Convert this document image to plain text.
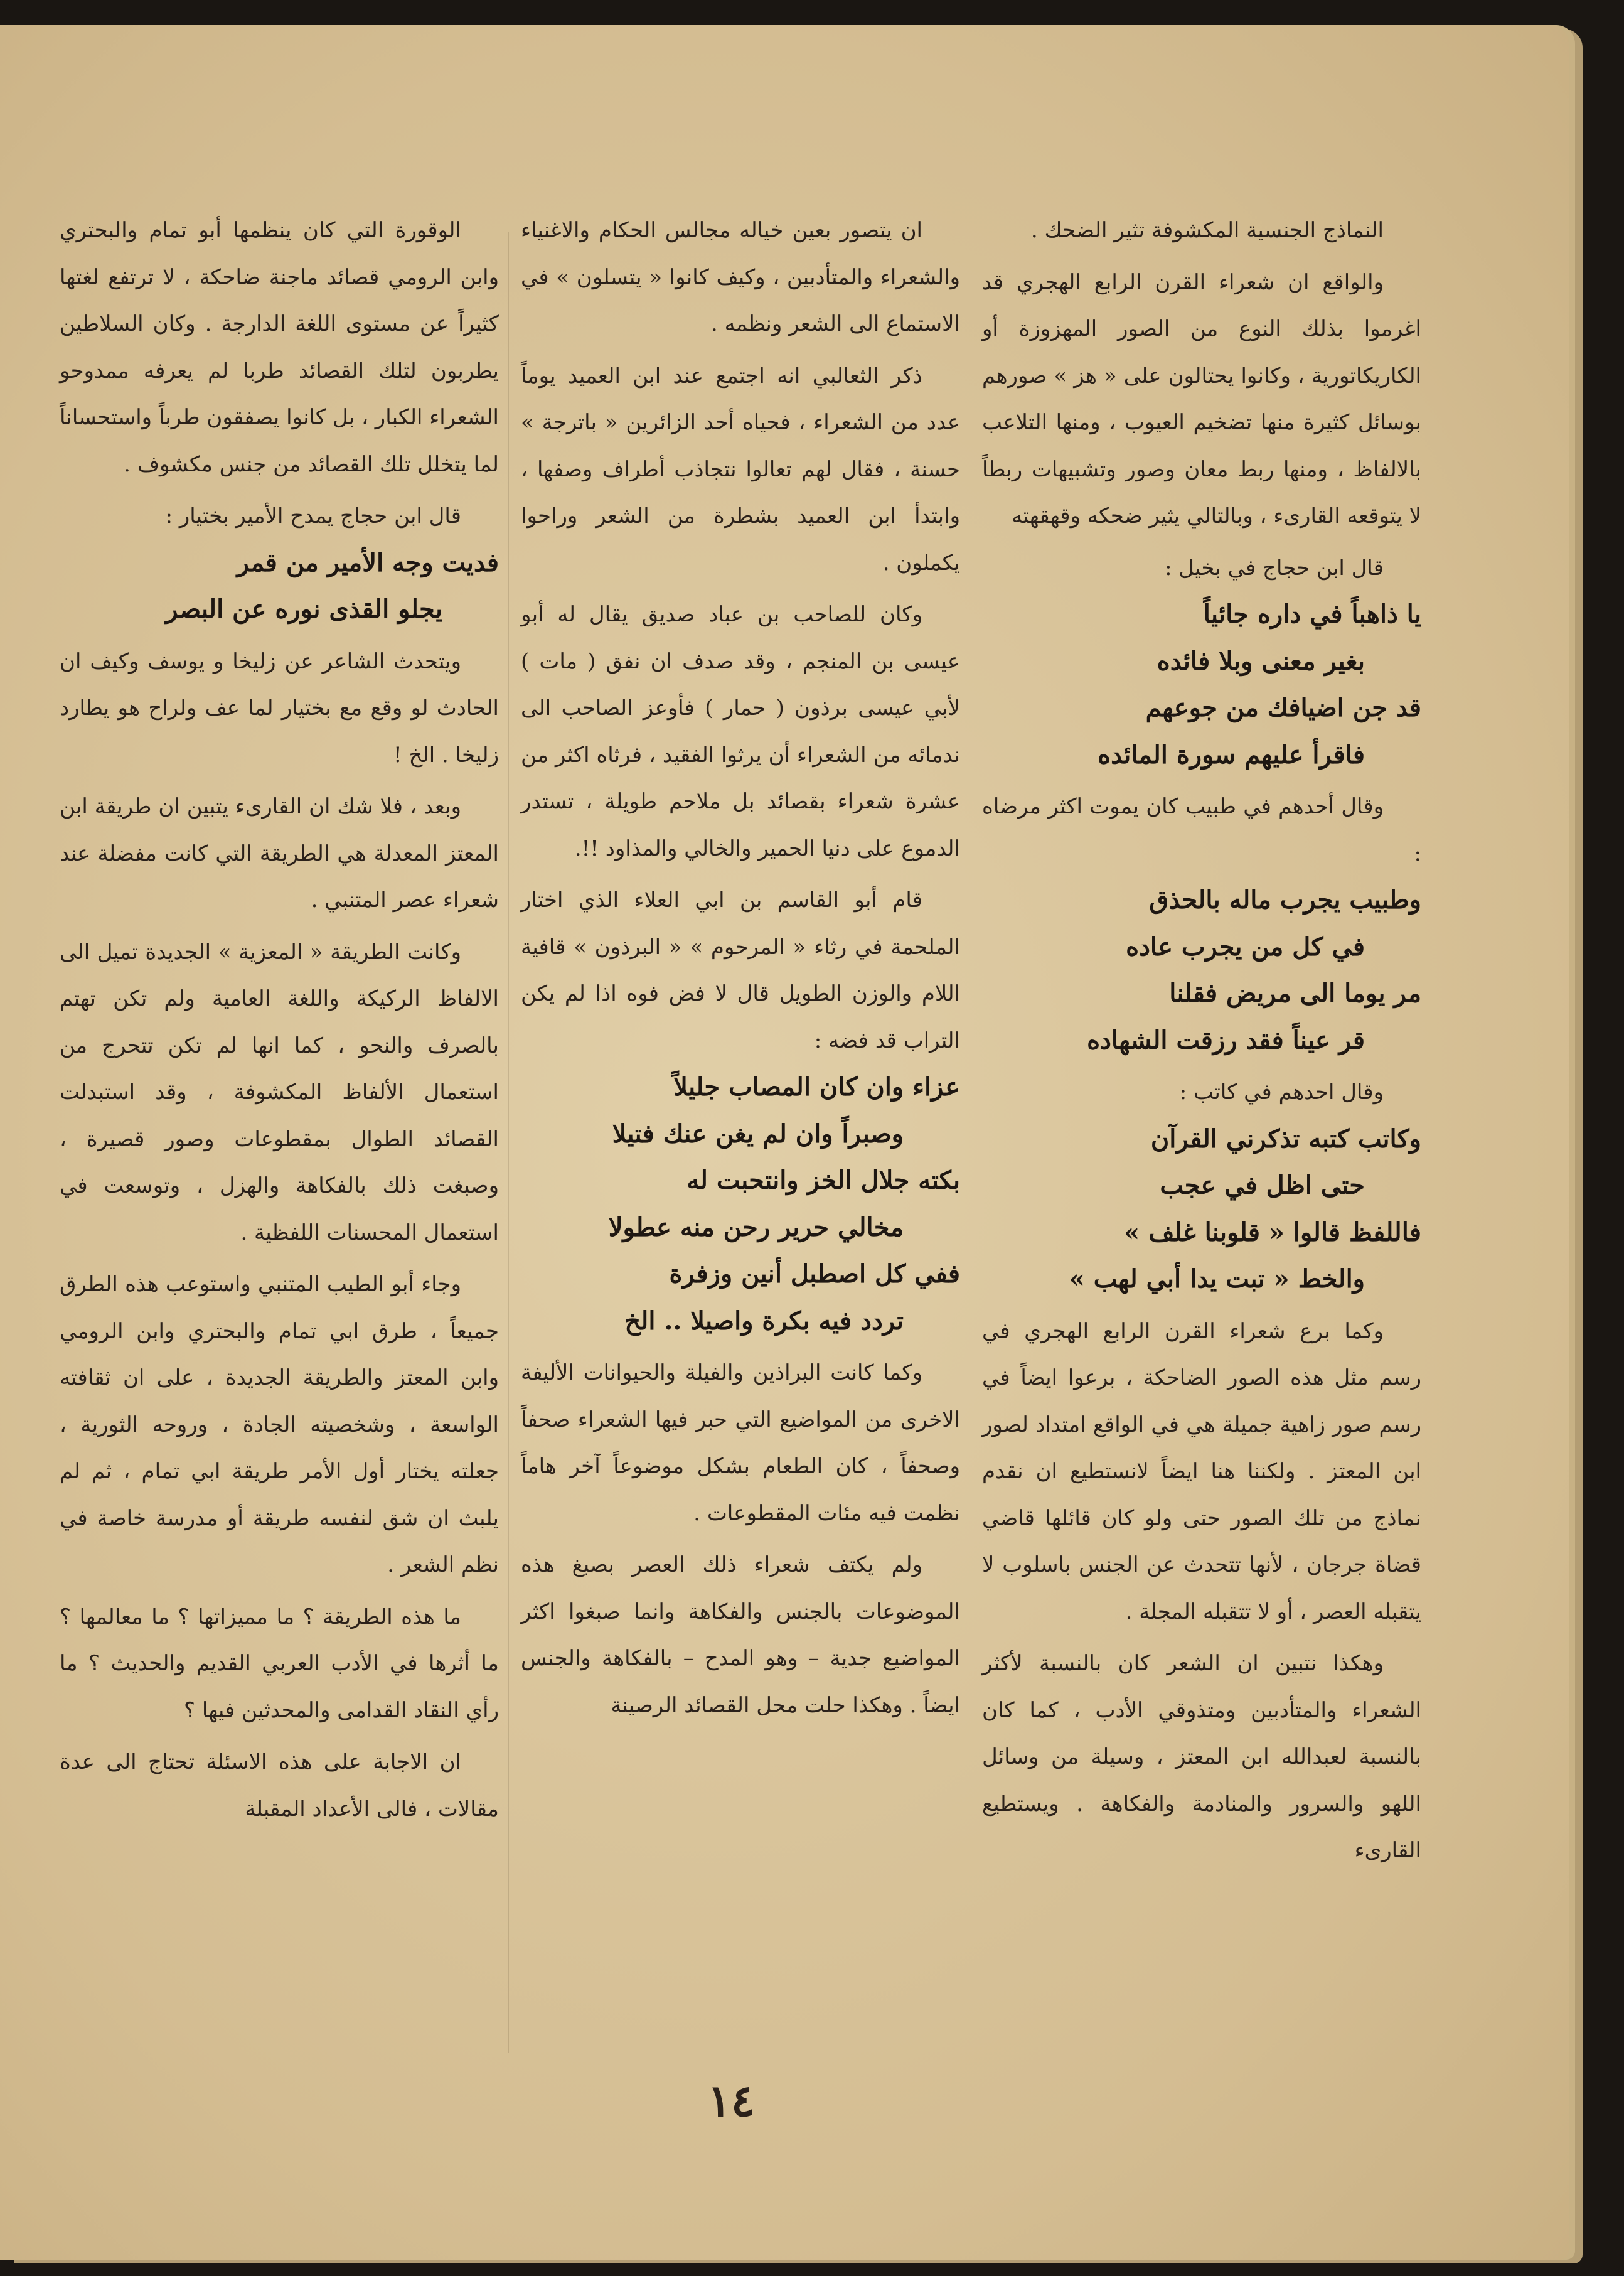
النماذج الجنسية المكشوفة تثير الضحك .

والواقع ان شعراء القرن الرابع الهجري قد اغرموا بذلك النوع من الصور المهزوزة أو الكاريكاتورية ، وكانوا يحتالون على « هز » صورهم بوسائل كثيرة منها تضخيم العيوب ، ومنها التلاعب بالالفاظ ، ومنها ربط معان وصور وتشبيهات ربطاً لا يتوقعه القارىء ، وبالتالي يثير ضحكه وقهقهته

قال ابن حجاج في بخيل :

يا ذاهباً في داره جائياً

بغير معنى وبلا فائده

قد جن اضيافك من جوعهم

فاقرأ عليهم سورة المائده

وقال أحدهم في طبيب كان يموت اكثر مرضاه :

وطبيب يجرب ماله بالحذق

في كل من يجرب عاده

مر يوما الى مريض فقلنا

قر عيناً فقد رزقت الشهاده

وقال احدهم في كاتب :

وكاتب كتبه تذكرني القرآن

حتى اظل في عجب

فاللفظ قالوا « قلوبنا غلف »

والخط « تبت يدا أبي لهب »

وكما برع شعراء القرن الرابع الهجري في رسم مثل هذه الصور الضاحكة ، برعوا ايضاً في رسم صور زاهية جميلة هي في الواقع امتداد لصور ابن المعتز . ولكننا هنا ايضاً لانستطيع ان نقدم نماذج من تلك الصور حتى ولو كان قائلها قاضي قضاة جرجان ، لأنها تتحدث عن الجنس باسلوب لا يتقبله العصر ، أو لا تتقبله المجلة .

وهكذا نتبين ان الشعر كان بالنسبة لأكثر الشعراء والمتأدبين ومتذوقي الأدب ، كما كان بالنسبة لعبدالله ابن المعتز ، وسيلة من وسائل اللهو والسرور والمنادمة والفكاهة . ويستطيع القارىء

ان يتصور بعين خياله مجالس الحكام والاغنياء والشعراء والمتأدبين ، وكيف كانوا « يتسلون » في الاستماع الى الشعر ونظمه .

ذكر الثعالبي انه اجتمع عند ابن العميد يوماً عدد من الشعراء ، فحياه أحد الزائرين « باترجة » حسنة ، فقال لهم تعالوا نتجاذب أطراف وصفها ، وابتدأ ابن العميد بشطرة من الشعر وراحوا يكملون .

وكان للصاحب بن عباد صديق يقال له أبو عيسى بن المنجم ، وقد صدف ان نفق ( مات ) لأبي عيسى برذون ( حمار ) فأوعز الصاحب الى ندمائه من الشعراء أن يرثوا الفقيد ، فرثاه اكثر من عشرة شعراء بقصائد بل ملاحم طويلة ، تستدر الدموع على دنيا الحمير والخالي والمذاود !!.

قام أبو القاسم بن ابي العلاء الذي اختار الملحمة في رثاء « المرحوم » « البرذون » قافية اللام والوزن الطويل قال لا فض فوه اذا لم يكن التراب قد فضه :

عزاء وان كان المصاب جليلاً

وصبراً وان لم يغن عنك فتيلا

بكته جلال الخز وانتحبت له

مخالي حرير رحن منه عطولا

ففي كل اصطبل أنين وزفرة

تردد فيه بكرة واصيلا .. الخ

وكما كانت البراذين والفيلة والحيوانات الأليفة الاخرى من المواضيع التي حبر فيها الشعراء صحفاً وصحفاً ، كان الطعام بشكل موضوعاً آخر هاماً نظمت فيه مئات المقطوعات .

ولم يكتف شعراء ذلك العصر بصبغ هذه الموضوعات بالجنس والفكاهة وانما صبغوا اكثر المواضيع جدية – وهو المدح – بالفكاهة والجنس ايضاً . وهكذا حلت محل القصائد الرصينة

الوقورة التي كان ينظمها أبو تمام والبحتري وابن الرومي قصائد ماجنة ضاحكة ، لا ترتفع لغتها كثيراً عن مستوى اللغة الدارجة . وكان السلاطين يطربون لتلك القصائد طربا لم يعرفه ممدوحو الشعراء الكبار ، بل كانوا يصفقون طرباً واستحساناً لما يتخلل تلك القصائد من جنس مكشوف .

قال ابن حجاج يمدح الأمير بختيار :

فديت وجه الأمير من قمر

يجلو القذى نوره عن البصر

ويتحدث الشاعر عن زليخا و يوسف وكيف ان الحادث لو وقع مع بختيار لما عف ولراح هو يطارد زليخا . الخ !

وبعد ، فلا شك ان القارىء يتبين ان طريقة ابن المعتز المعدلة هي الطريقة التي كانت مفضلة عند شعراء عصر المتنبي .

وكانت الطريقة « المعزية » الجديدة تميل الى الالفاظ الركيكة واللغة العامية ولم تكن تهتم بالصرف والنحو ، كما انها لم تكن تتحرج من استعمال الألفاظ المكشوفة ، وقد استبدلت القصائد الطوال بمقطوعات وصور قصيرة ، وصبغت ذلك بالفكاهة والهزل ، وتوسعت في استعمال المحسنات اللفظية .

وجاء أبو الطيب المتنبي واستوعب هذه الطرق جميعاً ، طرق ابي تمام والبحتري وابن الرومي وابن المعتز والطريقة الجديدة ، على ان ثقافته الواسعة ، وشخصيته الجادة ، وروحه الثورية ، جعلته يختار أول الأمر طريقة ابي تمام ، ثم لم يلبث ان شق لنفسه طريقة أو مدرسة خاصة في نظم الشعر .

ما هذه الطريقة ؟ ما مميزاتها ؟ ما معالمها ؟ ما أثرها في الأدب العربي القديم والحديث ؟ ما رأي النقاد القدامى والمحدثين فيها ؟

ان الاجابة على هذه الاسئلة تحتاج الى عدة مقالات ، فالى الأعداد المقبلة

١٤
